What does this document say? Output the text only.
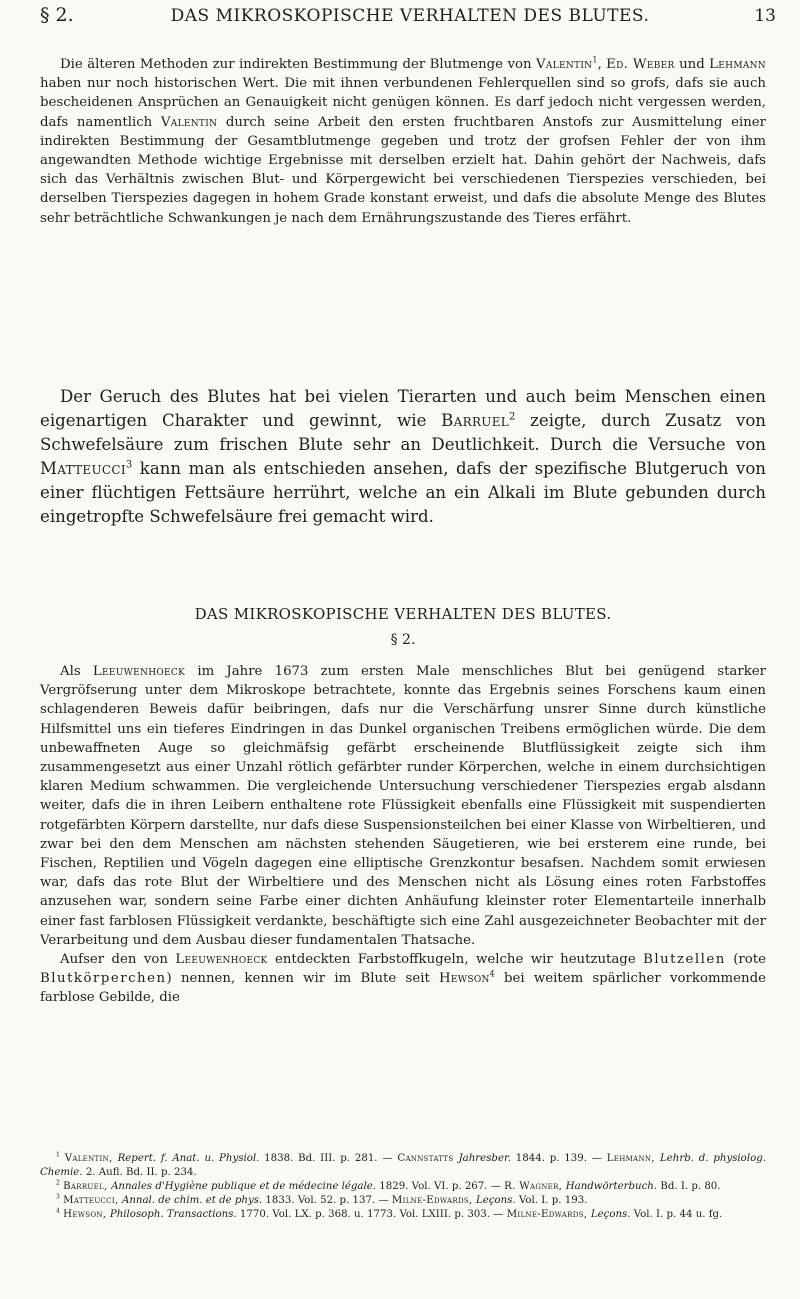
§ 2.	DAS MIKROSKOPISCHE VERHALTEN DES BLUTES.	13

Die älteren Methoden zur indirekten Bestimmung der Blutmenge von Valentin$^1$, Ed. Weber und Lehmann haben nur noch historischen Wert. Die mit ihnen verbundenen Fehlerquellen sind so grofs, dafs sie auch bescheidenen Ansprüchen an Genauigkeit nicht genügen können. Es darf jedoch nicht vergessen werden, dafs namentlich Valentin durch seine Arbeit den ersten fruchtbaren Anstofs zur Ausmittelung einer indirekten Bestimmung der Gesamtblutmenge gegeben und trotz der grofsen Fehler der von ihm angewandten Methode wichtige Ergebnisse mit derselben erzielt hat. Dahin gehört der Nachweis, dafs sich das Verhältnis zwischen Blut- und Körpergewicht bei verschiedenen Tierspezies verschieden, bei derselben Tierspezies dagegen in hohem Grade konstant erweist, und dafs die absolute Menge des Blutes sehr beträchtliche Schwankungen je nach dem Ernährungszustande des Tieres erfährt.

Der Geruch des Blutes hat bei vielen Tierarten und auch beim Menschen einen eigenartigen Charakter und gewinnt, wie Barruel$^2$ zeigte, durch Zusatz von Schwefelsäure zum frischen Blute sehr an Deutlichkeit. Durch die Versuche von Matteucci$^3$ kann man als entschieden ansehen, dafs der spezifische Blutgeruch von einer flüchtigen Fettsäure herrührt, welche an ein Alkali im Blute gebunden durch eingetropfte Schwefelsäure frei gemacht wird.

DAS MIKROSKOPISCHE VERHALTEN DES BLUTES.
§ 2.

Als Leeuwenhoeck im Jahre 1673 zum ersten Male menschliches Blut bei genügend starker Vergröfserung unter dem Mikroskope betrachtete, konnte das Ergebnis seines Forschens kaum einen schlagenderen Beweis dafür beibringen, dafs nur die Verschärfung unsrer Sinne durch künstliche Hilfsmittel uns ein tieferes Eindringen in das Dunkel organischen Treibens ermöglichen würde. Die dem unbewaffneten Auge so gleichmäfsig gefärbt erscheinende Blutflüssigkeit zeigte sich ihm zusammengesetzt aus einer Unzahl rötlich gefärbter runder Körperchen, welche in einem durchsichtigen klaren Medium schwammen. Die vergleichende Untersuchung verschiedener Tierspezies ergab alsdann weiter, dafs die in ihren Leibern enthaltene rote Flüssigkeit ebenfalls eine Flüssigkeit mit suspendierten rotgefärbten Körpern darstellte, nur dafs diese Suspensionsteilchen bei einer Klasse von Wirbeltieren, und zwar bei den dem Menschen am nächsten stehenden Säugetieren, wie bei ersterem eine runde, bei Fischen, Reptilien und Vögeln dagegen eine elliptische Grenzkontur besafsen. Nachdem somit erwiesen war, dafs das rote Blut der Wirbeltiere und des Menschen nicht als Lösung eines roten Farbstoffes anzusehen war, sondern seine Farbe einer dichten Anhäufung kleinster roter Elementarteile innerhalb einer fast farblosen Flüssigkeit verdankte, beschäftigte sich eine Zahl ausgezeichneter Beobachter mit der Verarbeitung und dem Ausbau dieser fundamentalen Thatsache.

Aufser den von Leeuwenhoeck entdeckten Farbstoffkugeln, welche wir heutzutage Blutzellen (rote Blutkörperchen) nennen, kennen wir im Blute seit Hewson$^4$ bei weitem spärlicher vorkommende farblose Gebilde, die

$^1$ Valentin, Repert. f. Anat. u. Physiol. 1838. Bd. III. p. 281. — Cannstatts Jahresber. 1844. p. 139. — Lehmann, Lehrb. d. physiolog. Chemie. 2. Aufl. Bd. II. p. 234.

$^2$ Barruel, Annales d'Hygiène publique et de médecine légale. 1829. Vol. VI. p. 267. — R. Wagner, Handwörterbuch. Bd. I. p. 80.

$^3$ Matteucci, Annal. de chim. et de phys. 1833. Vol. 52. p. 137. — Milne-Edwards, Leçons. Vol. I. p. 193.

$^4$ Hewson, Philosoph. Transactions. 1770. Vol. LX. p. 368. u. 1773. Vol. LXIII. p. 303. — Milne-Edwards, Leçons. Vol. I. p. 44 u. fg.
